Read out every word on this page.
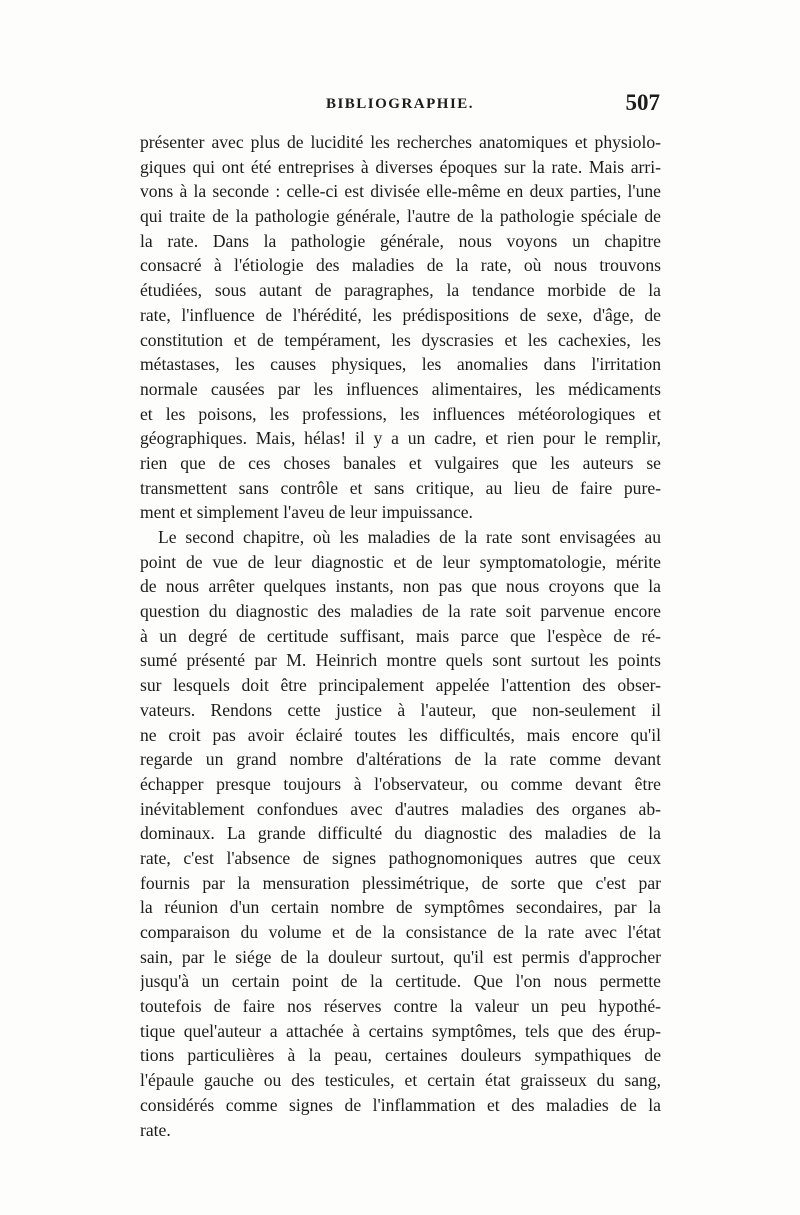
BIBLIOGRAPHIE.	507
présenter avec plus de lucidité les recherches anatomiques et physiolo-
giques qui ont été entreprises à diverses époques sur la rate. Mais arri-
vons à la seconde : celle-ci est divisée elle-même en deux parties, l'une
qui traite de la pathologie générale, l'autre de la pathologie spéciale de
la rate. Dans la pathologie générale, nous voyons un chapitre
consacré à l'étiologie des maladies de la rate, où nous trouvons
étudiées, sous autant de paragraphes, la tendance morbide de la
rate, l'influence de l'hérédité, les prédispositions de sexe, d'âge, de
constitution et de tempérament, les dyscrasies et les cachexies, les
métastases, les causes physiques, les anomalies dans l'irritation
normale causées par les influences alimentaires, les médicaments
et les poisons, les professions, les influences météorologiques et
géographiques. Mais, hélas! il y a un cadre, et rien pour le remplir,
rien que de ces choses banales et vulgaires que les auteurs se
transmettent sans contrôle et sans critique, au lieu de faire pure-
ment et simplement l'aveu de leur impuissance.
Le second chapitre, où les maladies de la rate sont envisagées au
point de vue de leur diagnostic et de leur symptomatologie, mérite
de nous arrêter quelques instants, non pas que nous croyons que la
question du diagnostic des maladies de la rate soit parvenue encore
à un degré de certitude suffisant, mais parce que l'espèce de ré-
sumé présenté par M. Heinrich montre quels sont surtout les points
sur lesquels doit être principalement appelée l'attention des obser-
vateurs. Rendons cette justice à l'auteur, que non-seulement il
ne croit pas avoir éclairé toutes les difficultés, mais encore qu'il
regarde un grand nombre d'altérations de la rate comme devant
échapper presque toujours à l'observateur, ou comme devant être
inévitablement confondues avec d'autres maladies des organes ab-
dominaux. La grande difficulté du diagnostic des maladies de la
rate, c'est l'absence de signes pathognomoniques autres que ceux
fournis par la mensuration plessimétrique, de sorte que c'est par
la réunion d'un certain nombre de symptômes secondaires, par la
comparaison du volume et de la consistance de la rate avec l'état
sain, par le siége de la douleur surtout, qu'il est permis d'approcher
jusqu'à un certain point de la certitude. Que l'on nous permette
toutefois de faire nos réserves contre la valeur un peu hypothé-
tique quel'auteur a attachée à certains symptômes, tels que des érup-
tions particulières à la peau, certaines douleurs sympathiques de
l'épaule gauche ou des testicules, et certain état graisseux du sang,
considérés comme signes de l'inflammation et des maladies de la
rate.
